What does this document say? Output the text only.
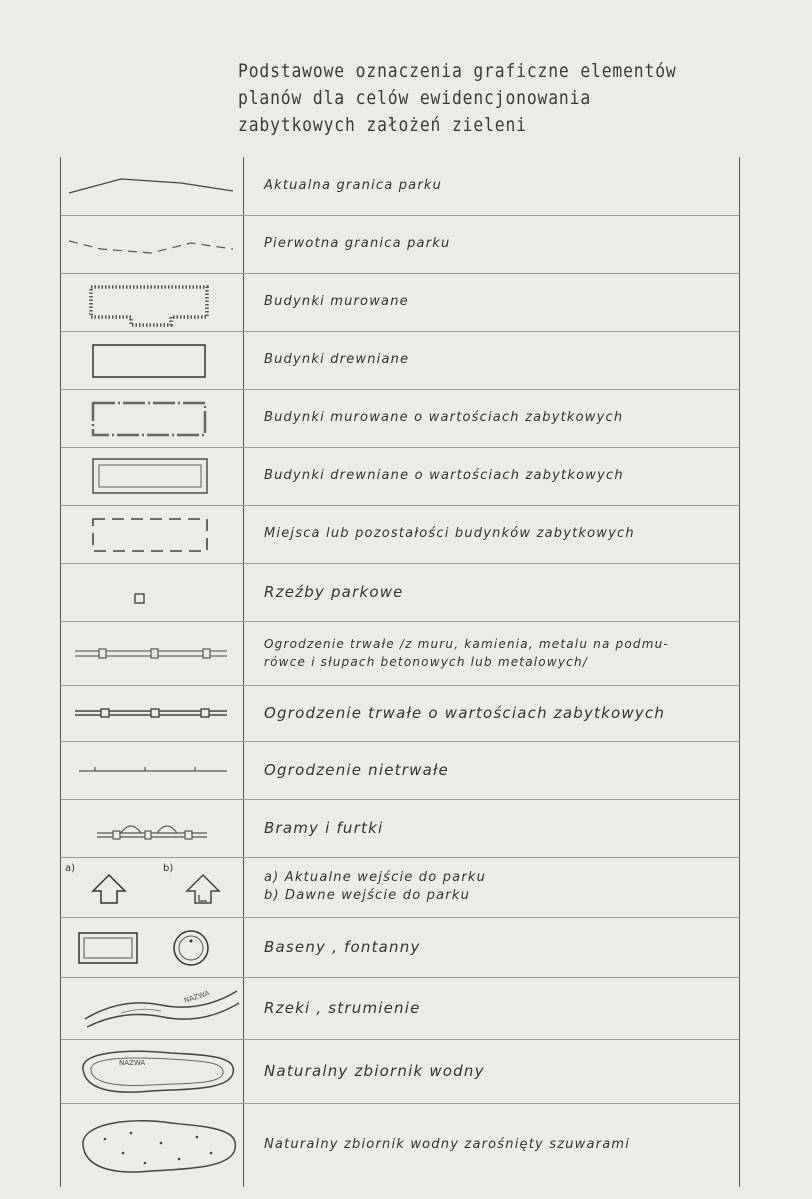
Podstawowe oznaczenia graficzne elementów
planów dla celów ewidencjonowania
zabytkowych założeń zieleni
Aktualna granica parku
Pierwotna granica parku
Budynki murowane
Budynki drewniane
Budynki murowane o wartościach zabytkowych
Budynki drewniane o wartościach zabytkowych
Miejsca lub pozostałości budynków zabytkowych
Rzeźby parkowe
Ogrodzenie trwałe /z muru, kamienia, metalu na podmu-
rówce i słupach betonowych lub metalowych/
Ogrodzenie trwałe o wartościach zabytkowych
Ogrodzenie nietrwałe
Bramy i furtki
a)	b)
a) Aktualne wejście do parku
b) Dawne wejście do parku
Baseny , fontanny
NAZWA
Rzeki , strumienie
NAZWA	Naturalny zbiornik wodny
Naturalny zbiornik wodny zarośnięty szuwarami
